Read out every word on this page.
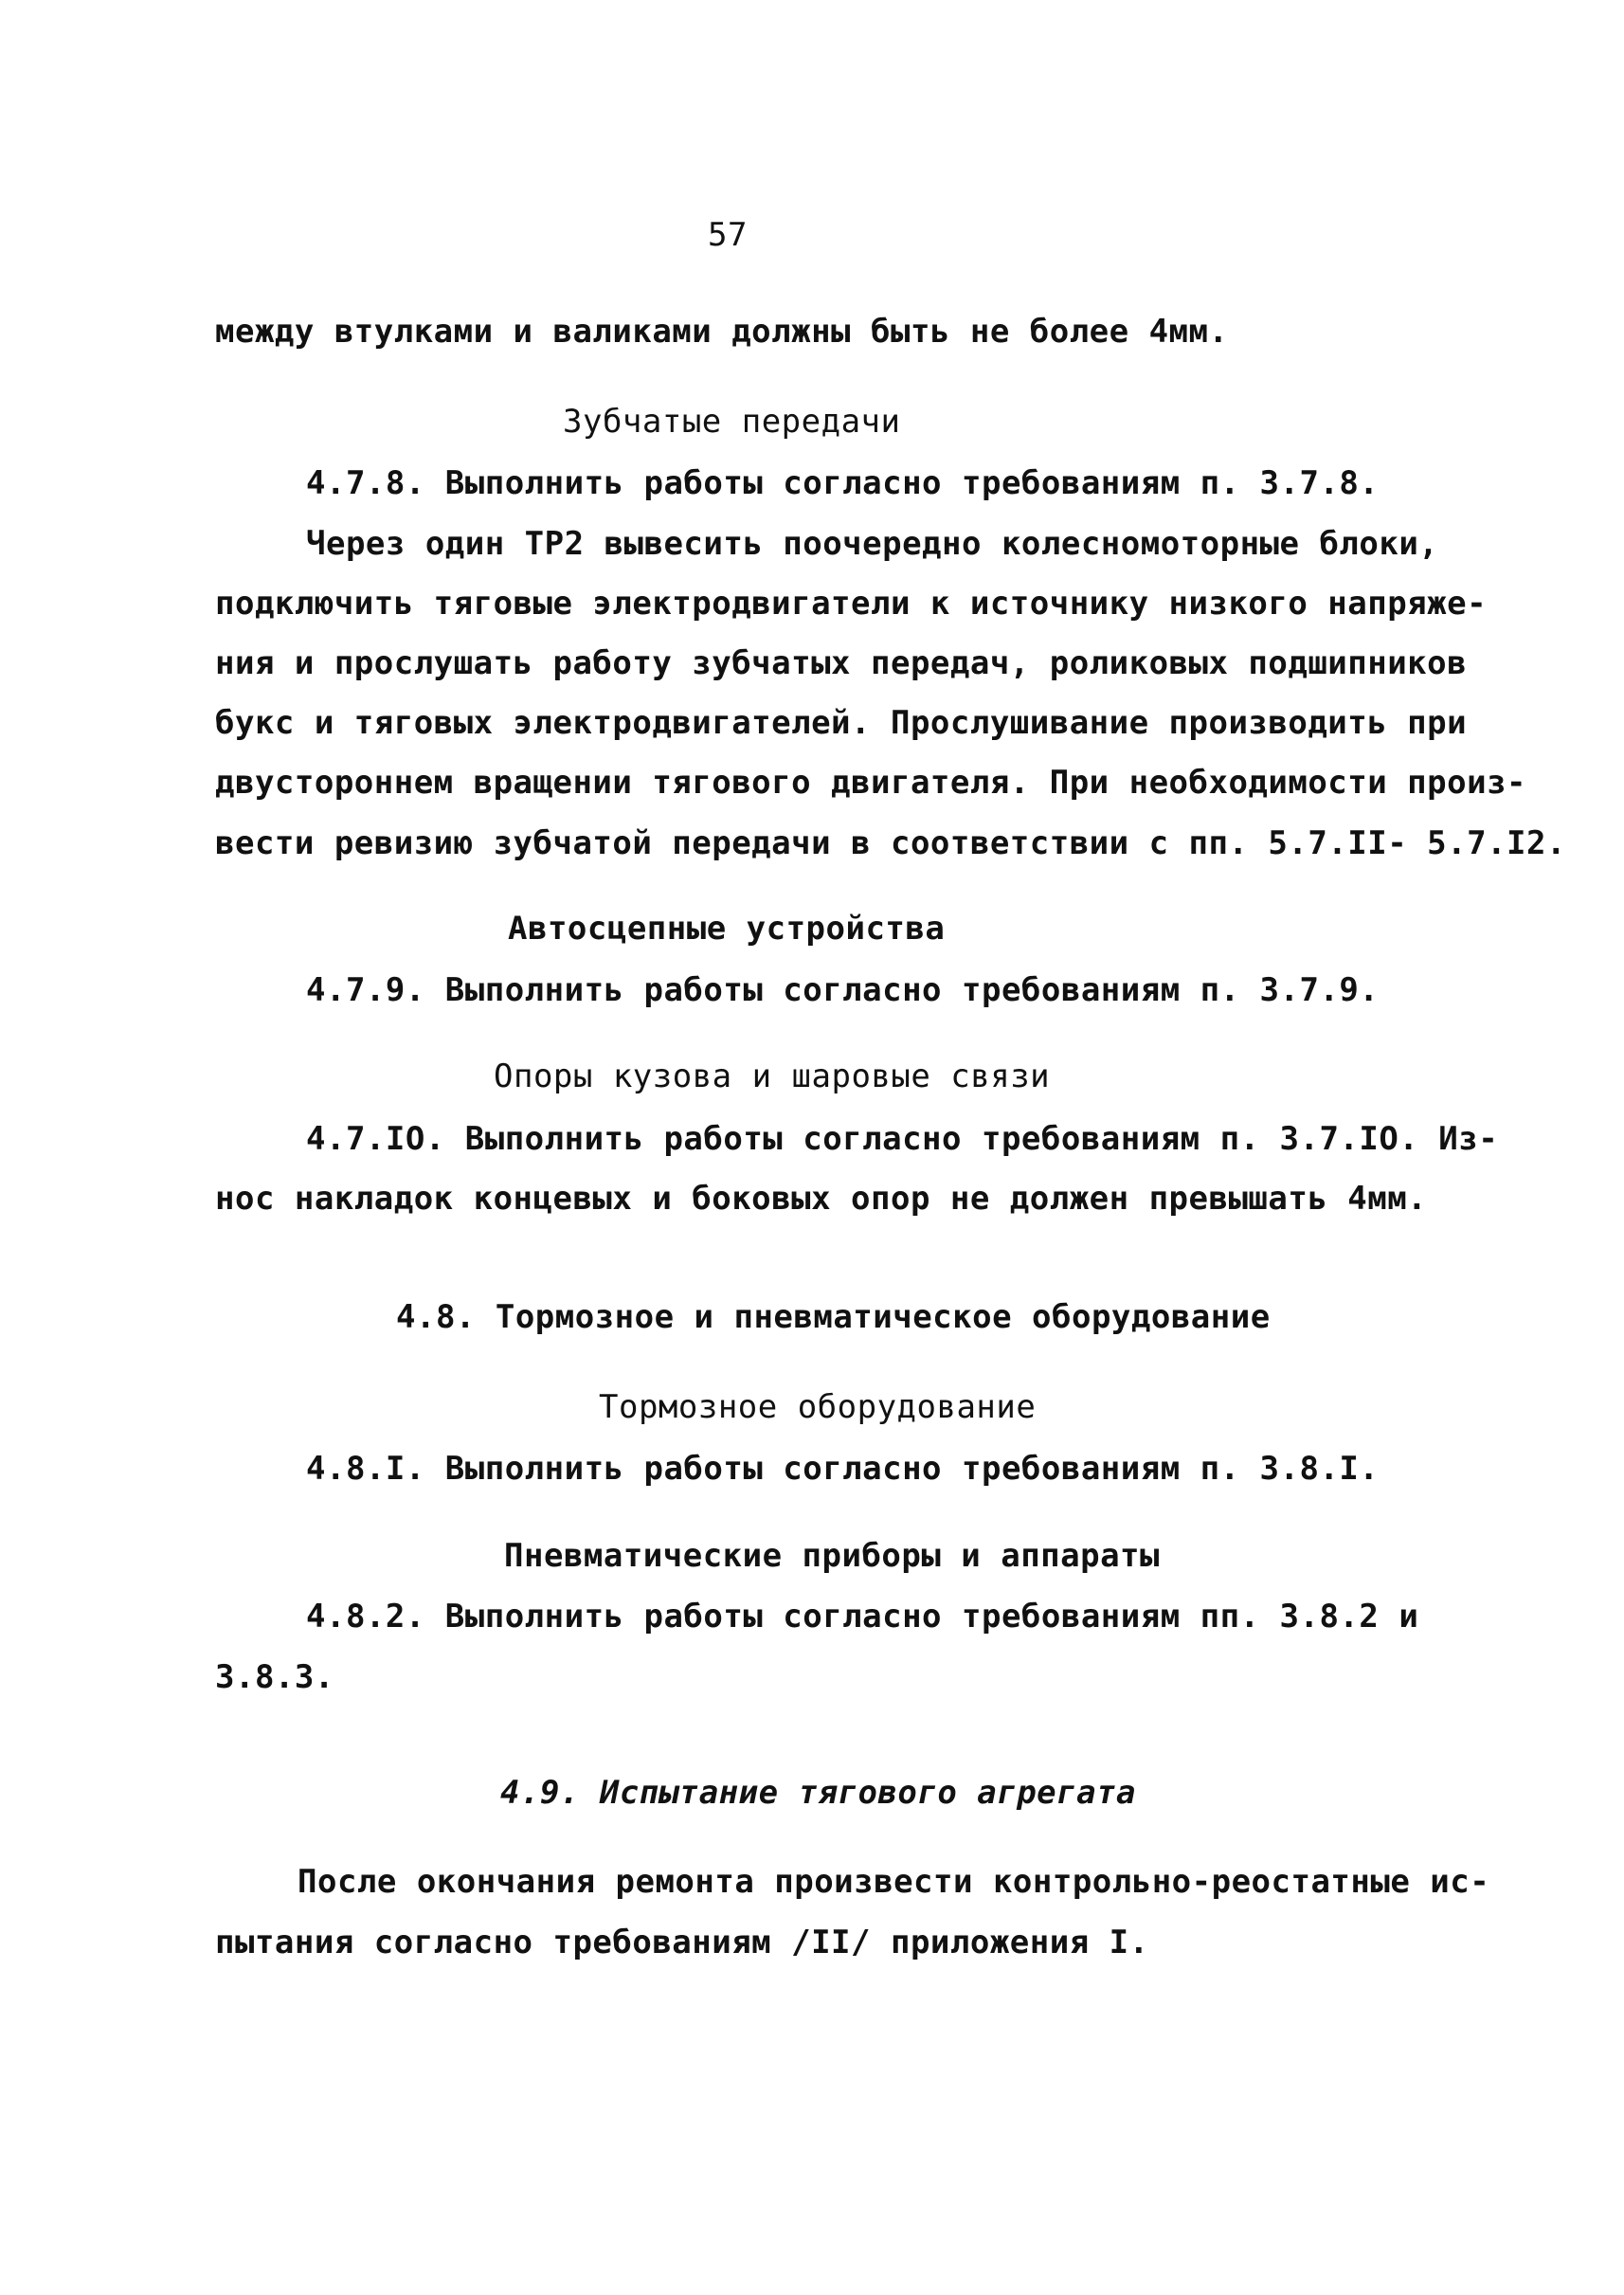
57
между втулками и валиками должны быть не более 4мм.
Зубчатые передачи
4.7.8. Выполнить работы согласно требованиям п. 3.7.8.
Через один ТР2 вывесить поочередно колесномоторные блоки,
подключить тяговые электродвигатели к источнику низкого напряже-
ния и прослушать работу зубчатых передач, роликовых подшипников
букс и тяговых электродвигателей. Прослушивание производить при
двустороннем вращении тягового двигателя. При необходимости произ-
вести ревизию зубчатой передачи в соответствии с пп. 5.7.II- 5.7.I2.
Автосцепные устройства
4.7.9. Выполнить работы согласно требованиям п. 3.7.9.
Опоры кузова и шаровые связи
4.7.IO. Выполнить работы согласно требованиям п. 3.7.IO. Из-
нос накладок концевых и боковых опор не должен превышать 4мм.
4.8. Тормозное и пневматическое оборудование
Тормозное оборудование
4.8.I. Выполнить работы согласно требованиям п. 3.8.I.
Пневматические приборы и аппараты
4.8.2. Выполнить работы согласно требованиям пп. 3.8.2 и
3.8.3.
4.9. Испытание тягового агрегата
После окончания ремонта произвести контрольно-реостатные ис-
пытания согласно требованиям /II/ приложения I.
